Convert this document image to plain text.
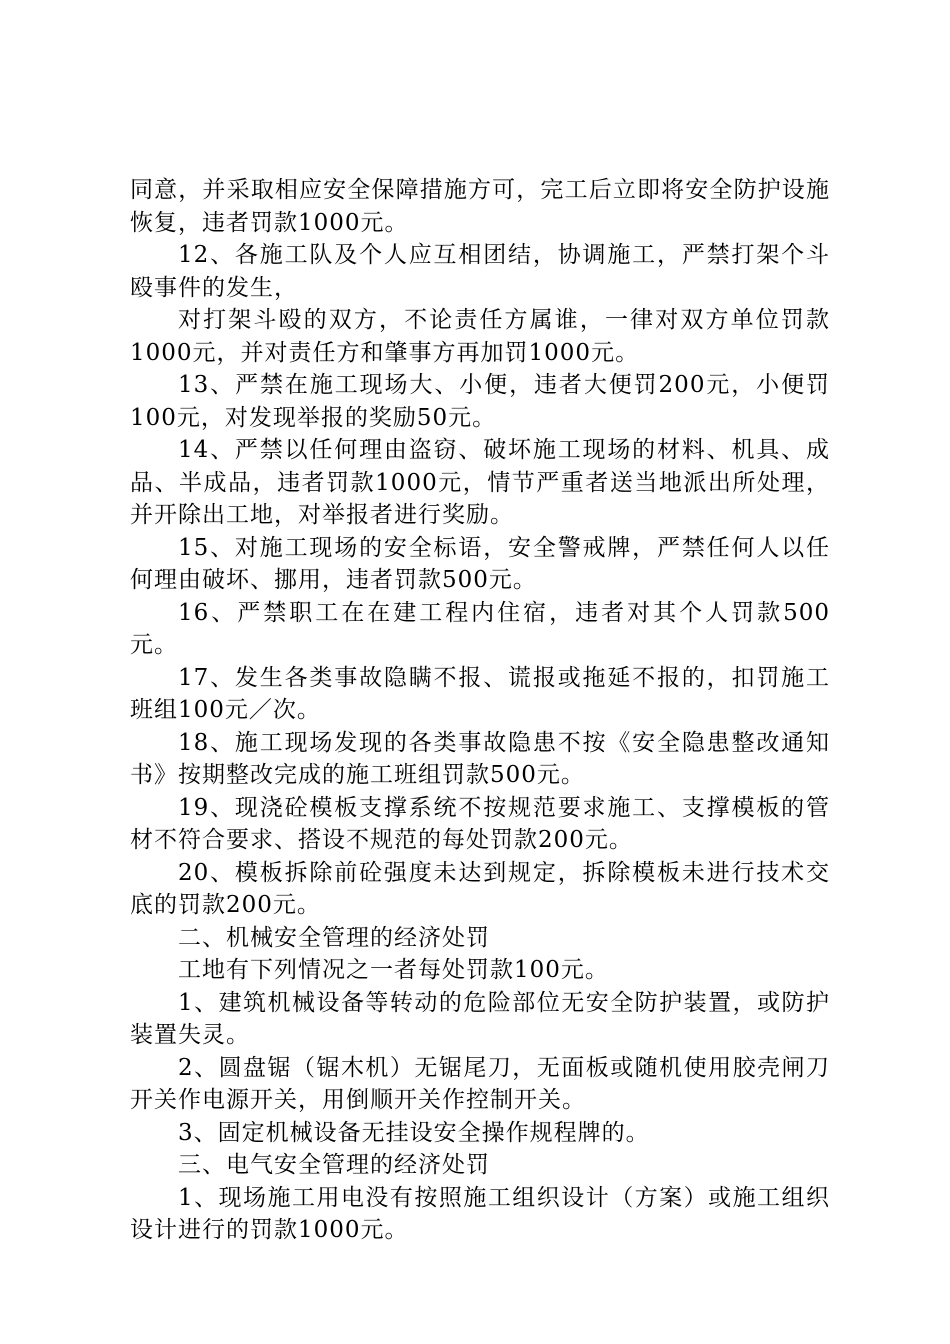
同意，并采取相应安全保障措施方可，完工后立即将安全防护设施恢复，违者罚款1000元。

12、各施工队及个人应互相团结，协调施工，严禁打架个斗殴事件的发生，

对打架斗殴的双方，不论责任方属谁，一律对双方单位罚款1000元，并对责任方和肇事方再加罚1000元。

13、严禁在施工现场大、小便，违者大便罚200元，小便罚100元，对发现举报的奖励50元。

14、严禁以任何理由盗窃、破坏施工现场的材料、机具、成品、半成品，违者罚款1000元，情节严重者送当地派出所处理，并开除出工地，对举报者进行奖励。

15、对施工现场的安全标语，安全警戒牌，严禁任何人以任何理由破坏、挪用，违者罚款500元。

16、严禁职工在在建工程内住宿，违者对其个人罚款500元。

17、发生各类事故隐瞒不报、谎报或拖延不报的，扣罚施工班组100元／次。

18、施工现场发现的各类事故隐患不按《安全隐患整改通知书》按期整改完成的施工班组罚款500元。

19、现浇砼模板支撑系统不按规范要求施工、支撑模板的管材不符合要求、搭设不规范的每处罚款200元。

20、模板拆除前砼强度未达到规定，拆除模板未进行技术交底的罚款200元。

二、机械安全管理的经济处罚

工地有下列情况之一者每处罚款100元。

1、建筑机械设备等转动的危险部位无安全防护装置，或防护装置失灵。

2、圆盘锯（锯木机）无锯尾刀，无面板或随机使用胶壳闸刀开关作电源开关，用倒顺开关作控制开关。

3、固定机械设备无挂设安全操作规程牌的。

三、电气安全管理的经济处罚

1、现场施工用电没有按照施工组织设计（方案）或施工组织设计进行的罚款1000元。
